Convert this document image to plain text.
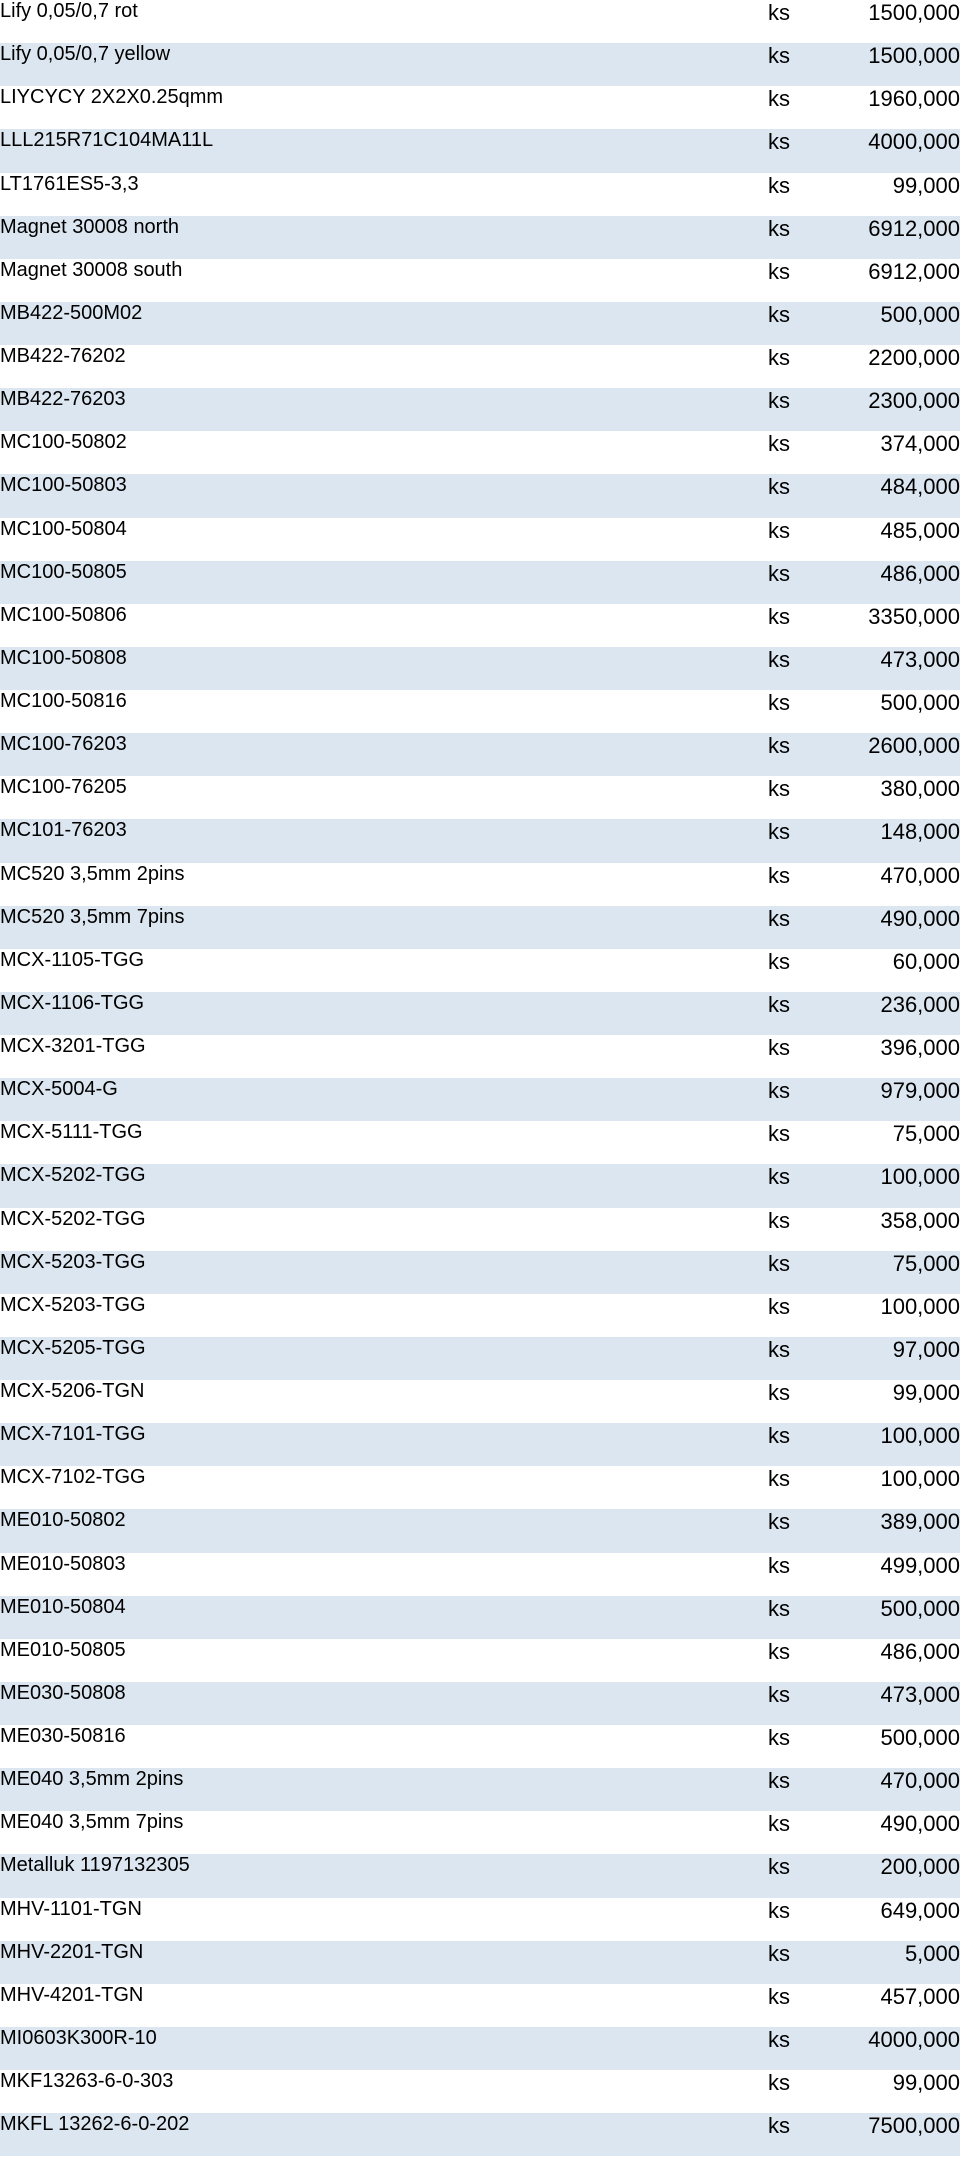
Lify 0,05/0,7 rot	ks	1500,000
Lify 0,05/0,7 yellow	ks	1500,000
LIYCYCY 2X2X0.25qmm	ks	1960,000
LLL215R71C104MA11L	ks	4000,000
LT1761ES5-3,3	ks	99,000
Magnet 30008 north	ks	6912,000
Magnet 30008 south	ks	6912,000
MB422-500M02	ks	500,000
MB422-76202	ks	2200,000
MB422-76203	ks	2300,000
MC100-50802	ks	374,000
MC100-50803	ks	484,000
MC100-50804	ks	485,000
MC100-50805	ks	486,000
MC100-50806	ks	3350,000
MC100-50808	ks	473,000
MC100-50816	ks	500,000
MC100-76203	ks	2600,000
MC100-76205	ks	380,000
MC101-76203	ks	148,000
MC520 3,5mm 2pins	ks	470,000
MC520 3,5mm 7pins	ks	490,000
MCX-1105-TGG	ks	60,000
MCX-1106-TGG	ks	236,000
MCX-3201-TGG	ks	396,000
MCX-5004-G	ks	979,000
MCX-5111-TGG	ks	75,000
MCX-5202-TGG	ks	100,000
MCX-5202-TGG	ks	358,000
MCX-5203-TGG	ks	75,000
MCX-5203-TGG	ks	100,000
MCX-5205-TGG	ks	97,000
MCX-5206-TGN	ks	99,000
MCX-7101-TGG	ks	100,000
MCX-7102-TGG	ks	100,000
ME010-50802	ks	389,000
ME010-50803	ks	499,000
ME010-50804	ks	500,000
ME010-50805	ks	486,000
ME030-50808	ks	473,000
ME030-50816	ks	500,000
ME040 3,5mm 2pins	ks	470,000
ME040 3,5mm 7pins	ks	490,000
Metalluk 1197132305	ks	200,000
MHV-1101-TGN	ks	649,000
MHV-2201-TGN	ks	5,000
MHV-4201-TGN	ks	457,000
MI0603K300R-10	ks	4000,000
MKF13263-6-0-303	ks	99,000
MKFL 13262-6-0-202	ks	7500,000
